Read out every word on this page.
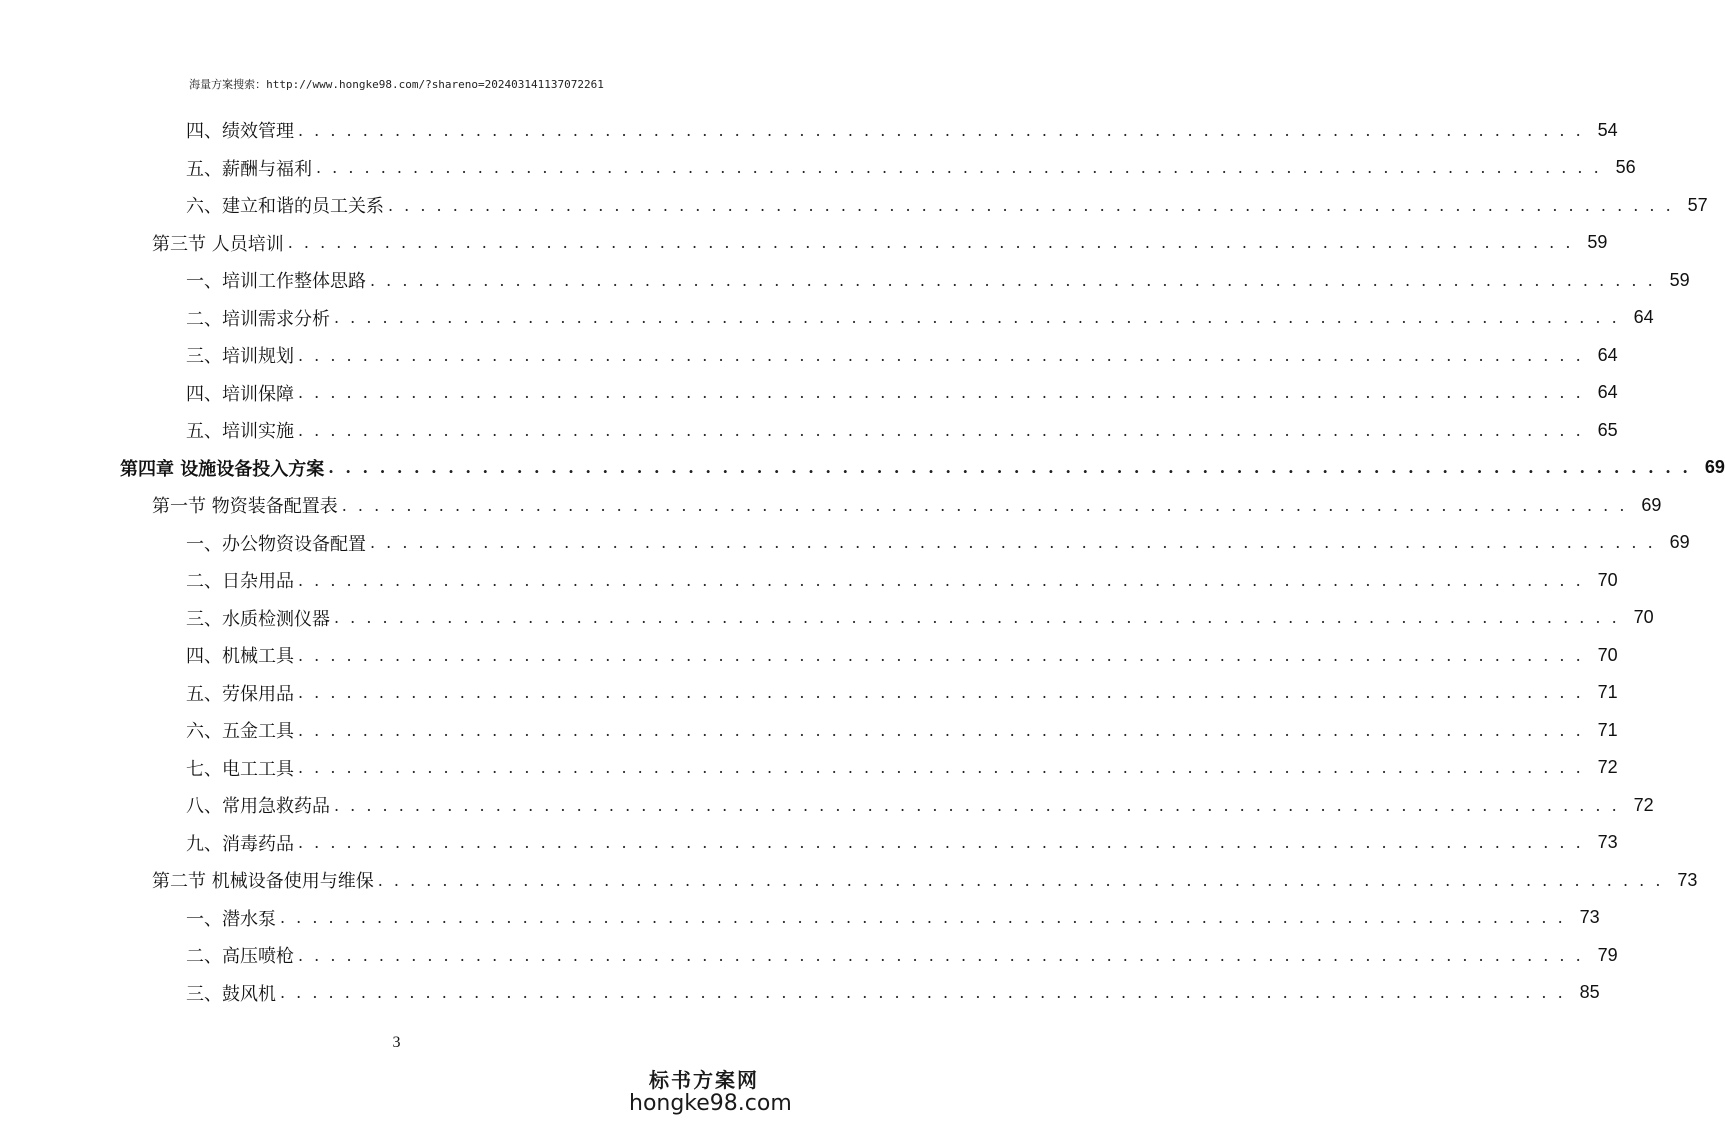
海量方案搜索：http://www.hongke98.com/?shareno=202403141137072261
四、绩效管理 . . . . . . . . . . . . . . . . . . . . . . . . . . . . . . . . . . . . . . . . . . . . . . . . . . . . . . . . . . . . . . . . . . . . . . . . . . . . . . . . 54
五、薪酬与福利 . . . . . . . . . . . . . . . . . . . . . . . . . . . . . . . . . . . . . . . . . . . . . . . . . . . . . . . . . . . . . . . . . . . . . . . . . . . . . . . . 56
六、建立和谐的员工关系 . . . . . . . . . . . . . . . . . . . . . . . . . . . . . . . . . . . . . . . . . . . . . . . . . . . . . . . . . . . . . . . . . . . . . . . . . . . . . . . . 57
第三节 人员培训 . . . . . . . . . . . . . . . . . . . . . . . . . . . . . . . . . . . . . . . . . . . . . . . . . . . . . . . . . . . . . . . . . . . . . . . . . . . . . . . . 59
一、培训工作整体思路 . . . . . . . . . . . . . . . . . . . . . . . . . . . . . . . . . . . . . . . . . . . . . . . . . . . . . . . . . . . . . . . . . . . . . . . . . . . . . . . . 59
二、培训需求分析 . . . . . . . . . . . . . . . . . . . . . . . . . . . . . . . . . . . . . . . . . . . . . . . . . . . . . . . . . . . . . . . . . . . . . . . . . . . . . . . . 64
三、培训规划 . . . . . . . . . . . . . . . . . . . . . . . . . . . . . . . . . . . . . . . . . . . . . . . . . . . . . . . . . . . . . . . . . . . . . . . . . . . . . . . . 64
四、培训保障 . . . . . . . . . . . . . . . . . . . . . . . . . . . . . . . . . . . . . . . . . . . . . . . . . . . . . . . . . . . . . . . . . . . . . . . . . . . . . . . . 64
五、培训实施 . . . . . . . . . . . . . . . . . . . . . . . . . . . . . . . . . . . . . . . . . . . . . . . . . . . . . . . . . . . . . . . . . . . . . . . . . . . . . . . . 65
第四章 设施设备投入方案 . . . . . . . . . . . . . . . . . . . . . . . . . . . . . . . . . . . . . . . . . . . . . . . . . . . . . . . . . . . . . . . . . . . . . . . . . . . . . . . . 69
第一节 物资装备配置表 . . . . . . . . . . . . . . . . . . . . . . . . . . . . . . . . . . . . . . . . . . . . . . . . . . . . . . . . . . . . . . . . . . . . . . . . . . . . . . . . 69
一、办公物资设备配置 . . . . . . . . . . . . . . . . . . . . . . . . . . . . . . . . . . . . . . . . . . . . . . . . . . . . . . . . . . . . . . . . . . . . . . . . . . . . . . . . 69
二、日杂用品 . . . . . . . . . . . . . . . . . . . . . . . . . . . . . . . . . . . . . . . . . . . . . . . . . . . . . . . . . . . . . . . . . . . . . . . . . . . . . . . . 70
三、水质检测仪器 . . . . . . . . . . . . . . . . . . . . . . . . . . . . . . . . . . . . . . . . . . . . . . . . . . . . . . . . . . . . . . . . . . . . . . . . . . . . . . . . 70
四、机械工具 . . . . . . . . . . . . . . . . . . . . . . . . . . . . . . . . . . . . . . . . . . . . . . . . . . . . . . . . . . . . . . . . . . . . . . . . . . . . . . . . 70
五、劳保用品 . . . . . . . . . . . . . . . . . . . . . . . . . . . . . . . . . . . . . . . . . . . . . . . . . . . . . . . . . . . . . . . . . . . . . . . . . . . . . . . . 71
六、五金工具 . . . . . . . . . . . . . . . . . . . . . . . . . . . . . . . . . . . . . . . . . . . . . . . . . . . . . . . . . . . . . . . . . . . . . . . . . . . . . . . . 71
七、电工工具 . . . . . . . . . . . . . . . . . . . . . . . . . . . . . . . . . . . . . . . . . . . . . . . . . . . . . . . . . . . . . . . . . . . . . . . . . . . . . . . . 72
八、常用急救药品 . . . . . . . . . . . . . . . . . . . . . . . . . . . . . . . . . . . . . . . . . . . . . . . . . . . . . . . . . . . . . . . . . . . . . . . . . . . . . . . . 72
九、消毒药品 . . . . . . . . . . . . . . . . . . . . . . . . . . . . . . . . . . . . . . . . . . . . . . . . . . . . . . . . . . . . . . . . . . . . . . . . . . . . . . . . 73
第二节 机械设备使用与维保 . . . . . . . . . . . . . . . . . . . . . . . . . . . . . . . . . . . . . . . . . . . . . . . . . . . . . . . . . . . . . . . . . . . . . . . . . . . . . . . . 73
一、潜水泵 . . . . . . . . . . . . . . . . . . . . . . . . . . . . . . . . . . . . . . . . . . . . . . . . . . . . . . . . . . . . . . . . . . . . . . . . . . . . . . . . 73
二、高压喷枪 . . . . . . . . . . . . . . . . . . . . . . . . . . . . . . . . . . . . . . . . . . . . . . . . . . . . . . . . . . . . . . . . . . . . . . . . . . . . . . . . 79
三、鼓风机 . . . . . . . . . . . . . . . . . . . . . . . . . . . . . . . . . . . . . . . . . . . . . . . . . . . . . . . . . . . . . . . . . . . . . . . . . . . . . . . . 85
3
标书方案网
hongke98.com
